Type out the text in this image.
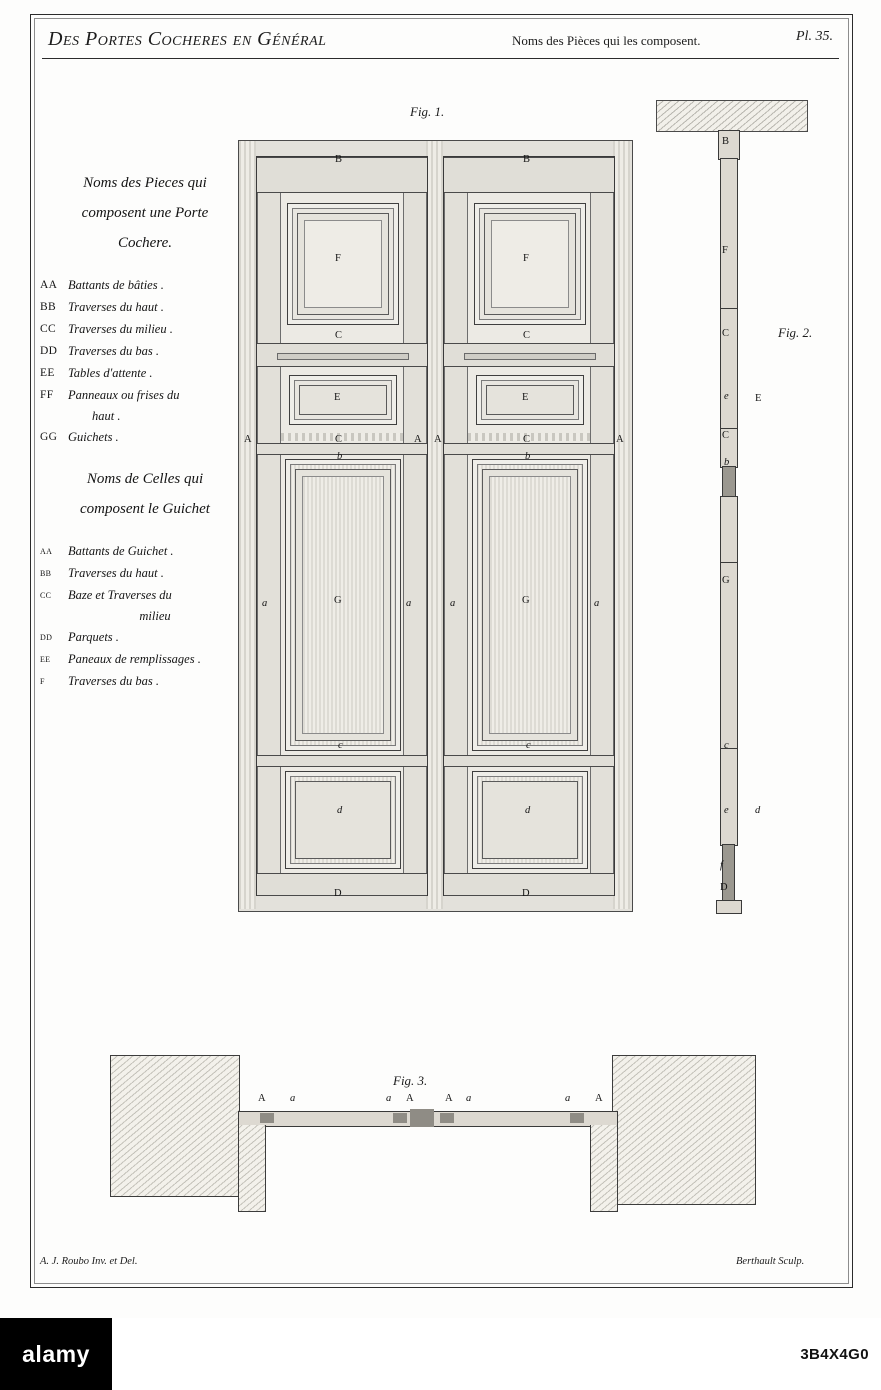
Des Portes Cocheres en Général	Noms des Pièces qui les composent.	Pl. 35.
Noms des Pieces qui
composent une Porte
Cochere.
AA Battants de bâties .
BB Traverses du haut .
CC Traverses du milieu .
DD Traverses du bas .
EE	Tables d'attente .
FF	Panneaux ou frises du
haut .
GG Guichets .
Noms de Celles qui
composent le Guichet
aa	Battants de Guichet .
bb	Traverses du haut .
cc	Baze et Traverses du
milieu
dd	Parquets .
ee	Paneaux de remplissages .
f	Traverses du bas .
Fig. 1.
B	B
F	F
C	C
E	E
A	A A	A
C	C
b	b
a	a	a	a
G	G
c	c
d	d
D	D
Fig. 2.
B
F
C
e	E
C
b
G
c
e	d
f
D
Fig. 3.
A a	a A	A a	a A
A. J. Roubo Inv. et Del.	Berthault Sculp.
alamy	3B4X4G0
